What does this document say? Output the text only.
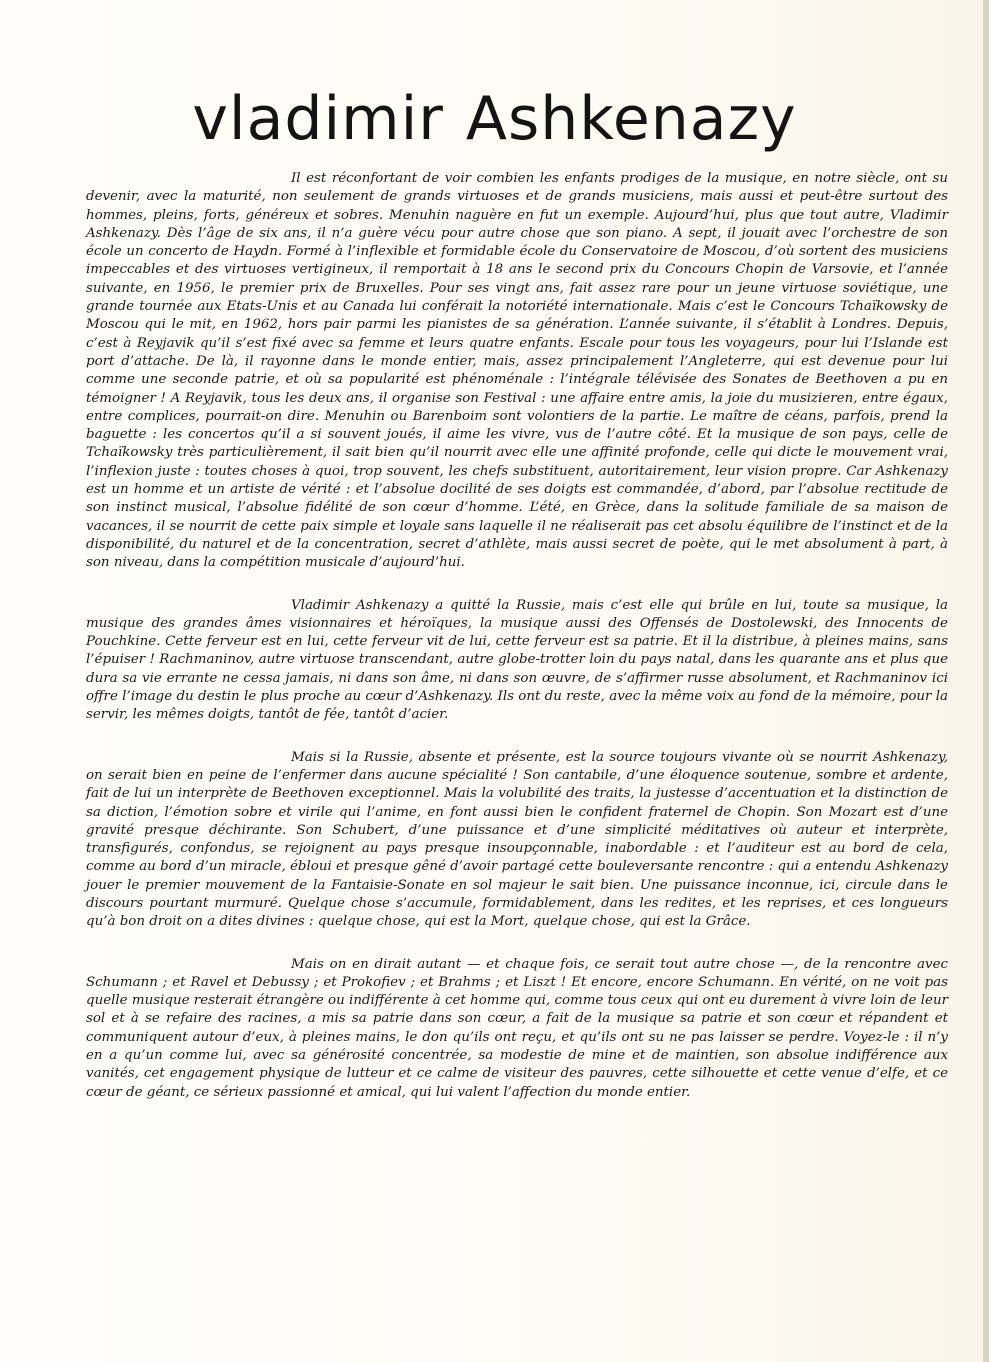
vladimir Ashkenazy

Il est réconfortant de voir combien les enfants prodiges de la musique, en notre siècle, ont su devenir, avec la maturité, non seulement de grands virtuoses et de grands musiciens, mais aussi et peut-être surtout des hommes, pleins, forts, généreux et sobres. Menuhin naguère en fut un exemple. Aujourd’hui, plus que tout autre, Vladimir Ashkenazy. Dès l’âge de six ans, il n’a guère vécu pour autre chose que son piano. A sept, il jouait avec l’orchestre de son école un concerto de Haydn. Formé à l’inflexible et formidable école du Conservatoire de Moscou, d’où sortent des musiciens impeccables et des virtuoses vertigineux, il remportait à 18 ans le second prix du Concours Chopin de Varsovie, et l’année suivante, en 1956, le premier prix de Bruxelles. Pour ses vingt ans, fait assez rare pour un jeune virtuose soviétique, une grande tournée aux Etats-Unis et au Canada lui conférait la notoriété internationale. Mais c’est le Concours Tchaïkowsky de Moscou qui le mit, en 1962, hors pair parmi les pianistes de sa génération. L’année suivante, il s’établit à Londres. Depuis, c’est à Reyjavik qu’il s’est fixé avec sa femme et leurs quatre enfants. Escale pour tous les voyageurs, pour lui l’Islande est port d’attache. De là, il rayonne dans le monde entier, mais, assez principalement l’Angleterre, qui est devenue pour lui comme une seconde patrie, et où sa popularité est phénoménale : l’intégrale télévisée des Sonates de Beethoven a pu en témoigner ! A Reyjavik, tous les deux ans, il organise son Festival : une affaire entre amis, la joie du musizieren, entre égaux, entre complices, pourrait-on dire. Menuhin ou Barenboim sont volontiers de la partie. Le maître de céans, parfois, prend la baguette : les concertos qu’il a si souvent joués, il aime les vivre, vus de l’autre côté. Et la musique de son pays, celle de Tchaïkowsky très particulièrement, il sait bien qu’il nourrit avec elle une affinité profonde, celle qui dicte le mouvement vrai, l’inflexion juste : toutes choses à quoi, trop souvent, les chefs substituent, autoritairement, leur vision propre. Car Ashkenazy est un homme et un artiste de vérité : et l’absolue docilité de ses doigts est commandée, d’abord, par l’absolue rectitude de son instinct musical, l’absolue fidélité de son cœur d’homme. L’été, en Grèce, dans la solitude familiale de sa maison de vacances, il se nourrit de cette paix simple et loyale sans laquelle il ne réaliserait pas cet absolu équilibre de l’instinct et de la disponibilité, du naturel et de la concentration, secret d’athlète, mais aussi secret de poète, qui le met absolument à part, à son niveau, dans la compétition musicale d’aujourd’hui.

Vladimir Ashkenazy a quitté la Russie, mais c’est elle qui brûle en lui, toute sa musique, la musique des grandes âmes visionnaires et héroïques, la musique aussi des Offensés de Dostolewski, des Innocents de Pouchkine. Cette ferveur est en lui, cette ferveur vit de lui, cette ferveur est sa patrie. Et il la distribue, à pleines mains, sans l’épuiser ! Rachmaninov, autre virtuose transcendant, autre globe-trotter loin du pays natal, dans les quarante ans et plus que dura sa vie errante ne cessa jamais, ni dans son âme, ni dans son œuvre, de s’affirmer russe absolument, et Rachmaninov ici offre l’image du destin le plus proche au cœur d’Ashkenazy. Ils ont du reste, avec la même voix au fond de la mémoire, pour la servir, les mêmes doigts, tantôt de fée, tantôt d’acier.

Mais si la Russie, absente et présente, est la source toujours vivante où se nourrit Ashkenazy, on serait bien en peine de l’enfermer dans aucune spécialité ! Son cantabile, d’une éloquence soutenue, sombre et ardente, fait de lui un interprète de Beethoven exceptionnel. Mais la volubilité des traits, la justesse d’accentuation et la distinction de sa diction, l’émotion sobre et virile qui l’anime, en font aussi bien le confident fraternel de Chopin. Son Mozart est d’une gravité presque déchirante. Son Schubert, d’une puissance et d’une simplicité méditatives où auteur et interprète, transfigurés, confondus, se rejoignent au pays presque insoupçonnable, inabordable : et l’auditeur est au bord de cela, comme au bord d’un miracle, ébloui et presque gêné d’avoir partagé cette bouleversante rencontre : qui a entendu Ashkenazy jouer le premier mouvement de la Fantaisie-Sonate en sol majeur le sait bien. Une puissance inconnue, ici, circule dans le discours pourtant murmuré. Quelque chose s’accumule, formidablement, dans les redites, et les reprises, et ces longueurs qu’à bon droit on a dites divines : quelque chose, qui est la Mort, quelque chose, qui est la Grâce.

Mais on en dirait autant — et chaque fois, ce serait tout autre chose —, de la rencontre avec Schumann ; et Ravel et Debussy ; et Prokofiev ; et Brahms ; et Liszt ! Et encore, encore Schumann. En vérité, on ne voit pas quelle musique resterait étrangère ou indifférente à cet homme qui, comme tous ceux qui ont eu durement à vivre loin de leur sol et à se refaire des racines, a mis sa patrie dans son cœur, a fait de la musique sa patrie et son cœur et répandent et communiquent autour d’eux, à pleines mains, le don qu’ils ont reçu, et qu’ils ont su ne pas laisser se perdre. Voyez-le : il n’y en a qu’un comme lui, avec sa générosité concentrée, sa modestie de mine et de maintien, son absolue indifférence aux vanités, cet engagement physique de lutteur et ce calme de visiteur des pauvres, cette silhouette et cette venue d’elfe, et ce cœur de géant, ce sérieux passionné et amical, qui lui valent l’affection du monde entier.
